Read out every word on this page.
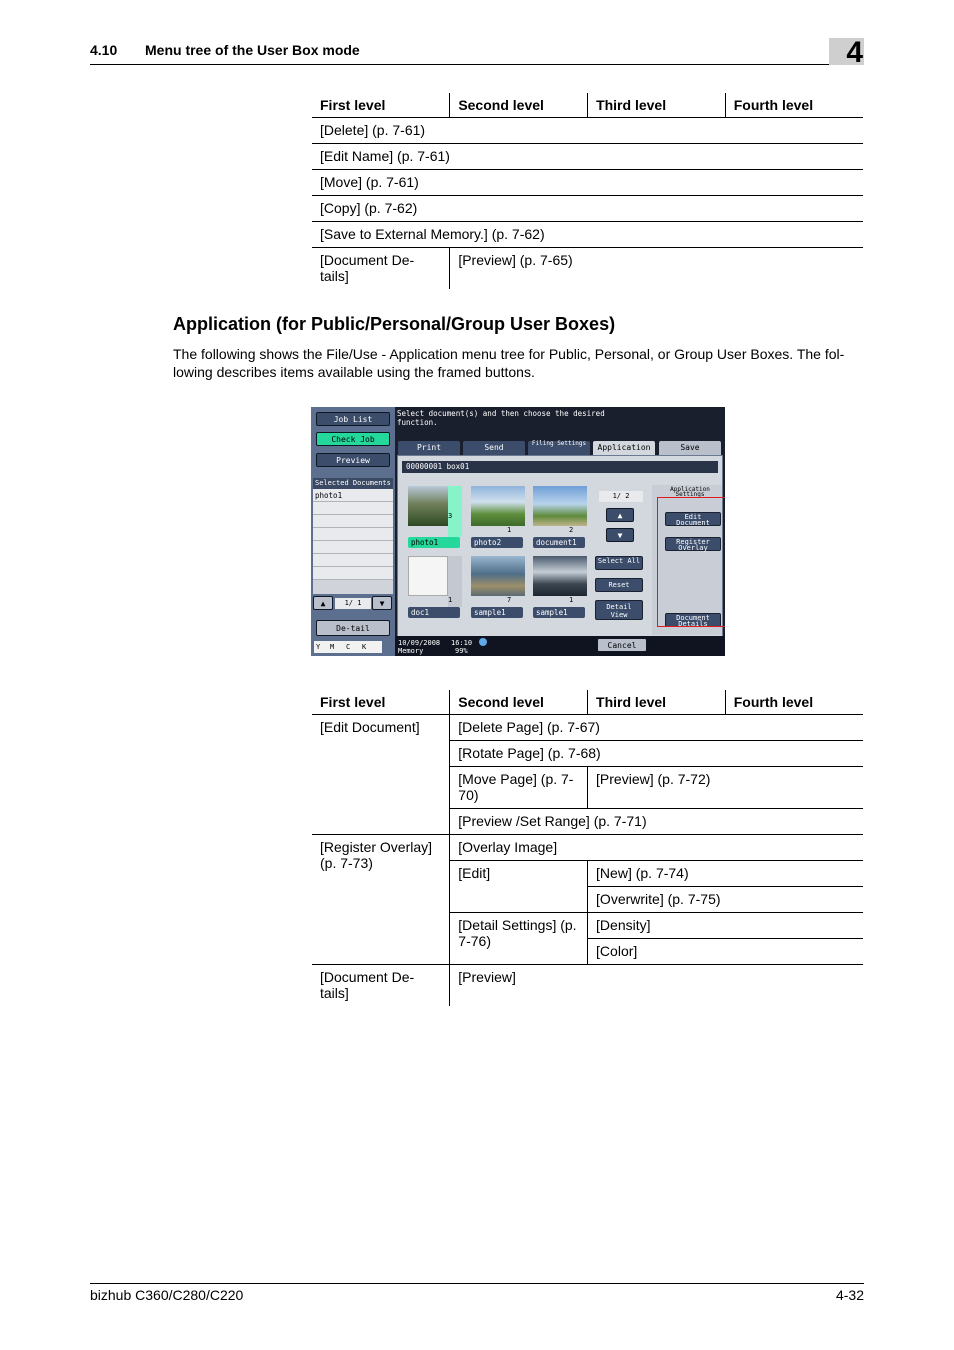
4.10 Menu tree of the User Box mode	4
First level	Second level	Third level	Fourth level
[Delete] (p. 7-61)			
[Edit Name] (p. 7-61)			
[Move] (p. 7-61)			
[Copy] (p. 7-62)			
[Save to External Memory.] (p. 7-62)			
[Document De-tails]	[Preview] (p. 7-65)		
Application (for Public/Personal/Group User Boxes)
The following shows the File/Use - Application menu tree for Public, Personal, or Group User Boxes. The fol-lowing describes items available using the framed buttons.
Job List
Check Job
Preview
Selected Documents
photo1
▲	1/ 1	▼
De-tail
Y M C K
Select document(s) and then choose the desired function.
Print	Send	Filing Settings	Application	Save
00000001 box01
3
photo1
1
photo2
2
document1
1
doc1
7
sample1
1
sample1
1/ 2
▲
▼
Select All
Reset
Detail View
Application Settings
Edit Document
Register Overlay
Document Details
10/09/2008
Memory
16:10
99%
Cancel
First level	Second level	Third level	Fourth level
[Edit Document]	[Delete Page] (p. 7-67)		
	[Rotate Page] (p. 7-68)		
	[Move Page] (p. 7-70)	[Preview] (p. 7-72)	
	[Preview /Set Range] (p. 7-71)		
[Register Overlay] (p. 7-73)	[Overlay Image]		
	[Edit]	[New] (p. 7-74)	
		[Overwrite] (p. 7-75)	
	[Detail Settings] (p. 7-76)	[Density]	
		[Color]	
[Document De-tails]	[Preview]		
bizhub C360/C280/C220	4-32
